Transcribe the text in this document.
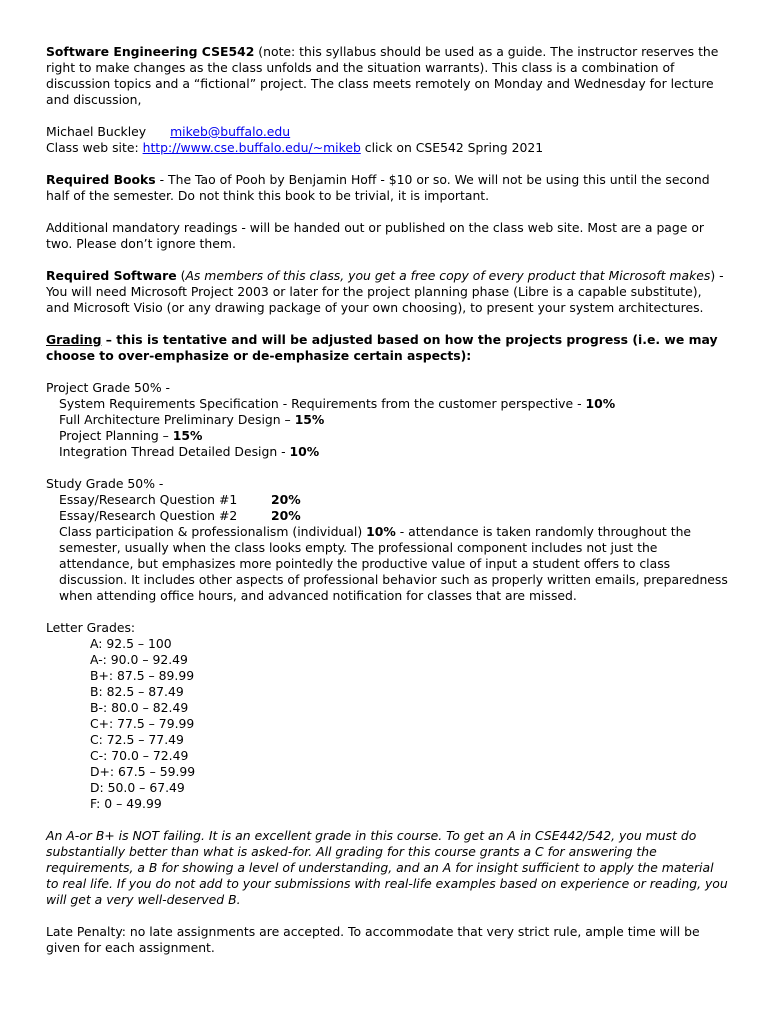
Software Engineering CSE542 (note: this syllabus should be used as a guide. The instructor reserves the right to make changes as the class unfolds and the situation warrants). This class is a combination of discussion topics and a “fictional” project. The class meets remotely on Monday and Wednesday for lecture and discussion,

Michael Buckley mikeb@buffalo.edu
Class web site: http://www.cse.buffalo.edu/~mikeb click on CSE542 Spring 2021

Required Books - The Tao of Pooh by Benjamin Hoff - $10 or so. We will not be using this until the second half of the semester. Do not think this book to be trivial, it is important.

Additional mandatory readings - will be handed out or published on the class web site. Most are a page or two. Please don’t ignore them.

Required Software (As members of this class, you get a free copy of every product that Microsoft makes) - You will need Microsoft Project 2003 or later for the project planning phase (Libre is a capable substitute), and Microsoft Visio (or any drawing package of your own choosing), to present your system architectures.

Grading – this is tentative and will be adjusted based on how the projects progress (i.e. we may choose to over-emphasize or de-emphasize certain aspects):

Project Grade 50% -
System Requirements Specification - Requirements from the customer perspective - 10%
Full Architecture Preliminary Design – 15%
Project Planning – 15%
Integration Thread Detailed Design - 10%
Study Grade 50% -
Essay/Research Question #1	20%
Essay/Research Question #2	20%
Class participation & professionalism (individual) 10% - attendance is taken randomly throughout the semester, usually when the class looks empty. The professional component includes not just the attendance, but emphasizes more pointedly the productive value of input a student offers to class discussion. It includes other aspects of professional behavior such as properly written emails, preparedness when attending office hours, and advanced notification for classes that are missed.
Letter Grades:
A: 92.5 – 100
A-: 90.0 – 92.49
B+: 87.5 – 89.99
B: 82.5 – 87.49
B-: 80.0 – 82.49
C+: 77.5 – 79.99
C: 72.5 – 77.49
C-: 70.0 – 72.49
D+: 67.5 – 59.99
D: 50.0 – 67.49
F: 0 – 49.99

An A-or B+ is NOT failing. It is an excellent grade in this course. To get an A in CSE442/542, you must do substantially better than what is asked-for. All grading for this course grants a C for answering the requirements, a B for showing a level of understanding, and an A for insight sufficient to apply the material to real life. If you do not add to your submissions with real-life examples based on experience or reading, you will get a very well-deserved B.

Late Penalty: no late assignments are accepted. To accommodate that very strict rule, ample time will be given for each assignment.
